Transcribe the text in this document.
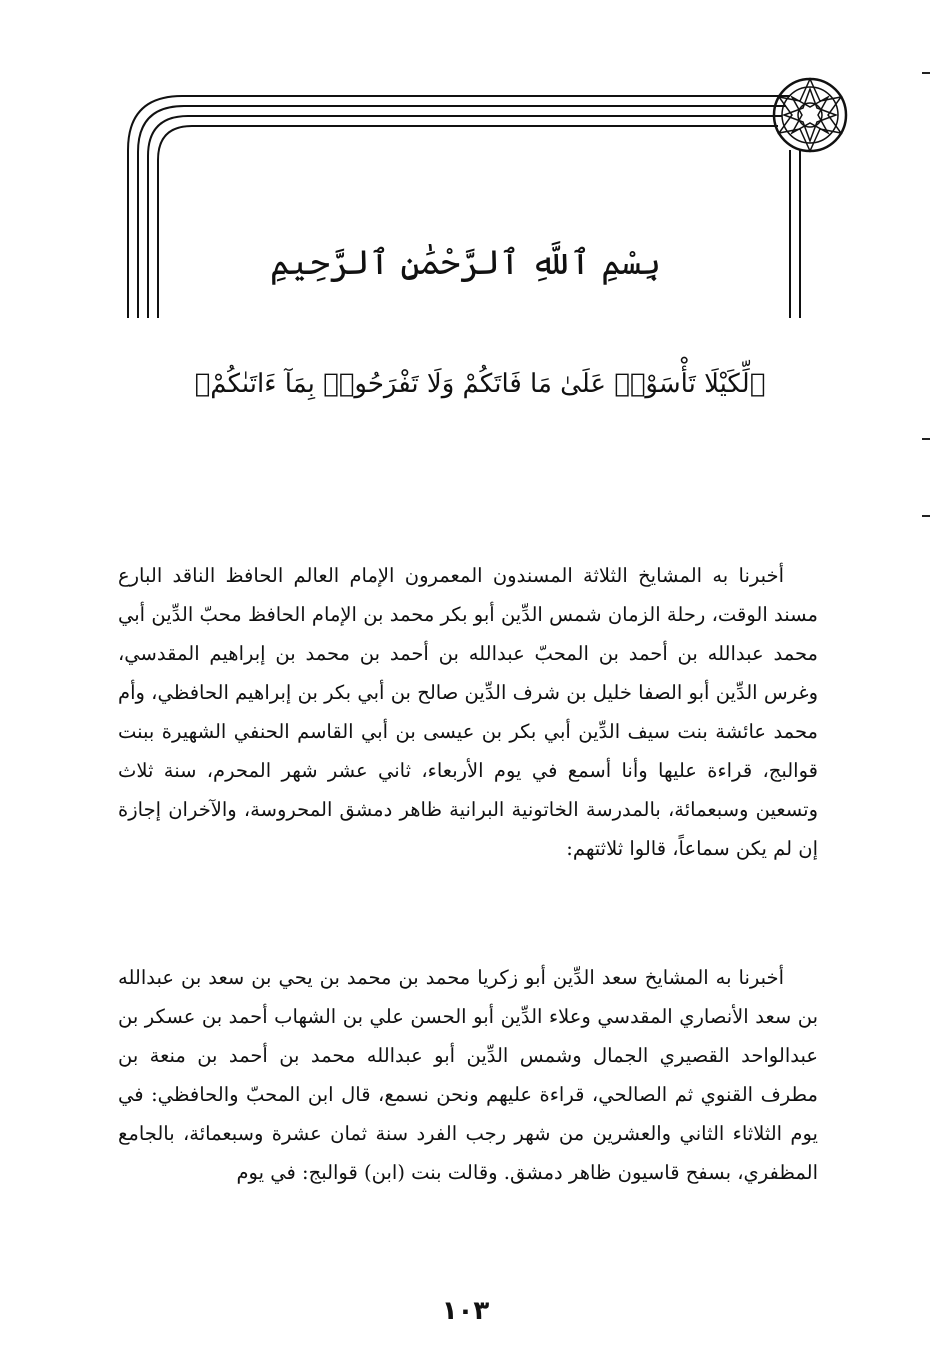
بِسْمِ ٱللَّهِ ٱلرَّحْمَٰنِ ٱلرَّحِيمِ
﴿لِّكَيْلَا تَأْسَوْا۟ عَلَىٰ مَا فَاتَكُمْ وَلَا تَفْرَحُوا۟ بِمَآ ءَاتَىٰكُمْ﴾

أخبرنا به المشايخ الثلاثة المسندون المعمرون الإمام العالم الحافظ الناقد البارع مسند الوقت، رحلة الزمان شمس الدِّين أبو بكر محمد بن الإمام الحافظ محبّ الدِّين أبي محمد عبدالله بن أحمد بن المحبّ عبدالله بن أحمد بن محمد بن إبراهيم المقدسي، وغرس الدِّين أبو الصفا خليل بن شرف الدِّين صالح بن أبي بكر بن إبراهيم الحافظي، وأم محمد عائشة بنت سيف الدِّين أبي بكر بن عيسى بن أبي القاسم الحنفي الشهيرة ببنت قوالبج، قراءة عليها وأنا أسمع في يوم الأربعاء، ثاني عشر شهر المحرم، سنة ثلاث وتسعين وسبعمائة، بالمدرسة الخاتونية البرانية ظاهر دمشق المحروسة، والآخران إجازة إن لم يكن سماعاً، قالوا ثلاثتهم:

أخبرنا به المشايخ سعد الدِّين أبو زكريا محمد بن محمد بن يحي بن سعد بن عبدالله بن سعد الأنصاري المقدسي وعلاء الدِّين أبو الحسن علي بن الشهاب أحمد بن عسكر بن عبدالواحد القصيري الجمال وشمس الدِّين أبو عبدالله محمد بن أحمد بن منعة بن مطرف القنوي ثم الصالحي، قراءة عليهم ونحن نسمع، قال ابن المحبّ والحافظي: في يوم الثلاثاء الثاني والعشرين من شهر رجب الفرد سنة ثمان عشرة وسبعمائة، بالجامع المظفري، بسفح قاسيون ظاهر دمشق. وقالت بنت (ابن) قوالبج: في يوم

١٠٣
